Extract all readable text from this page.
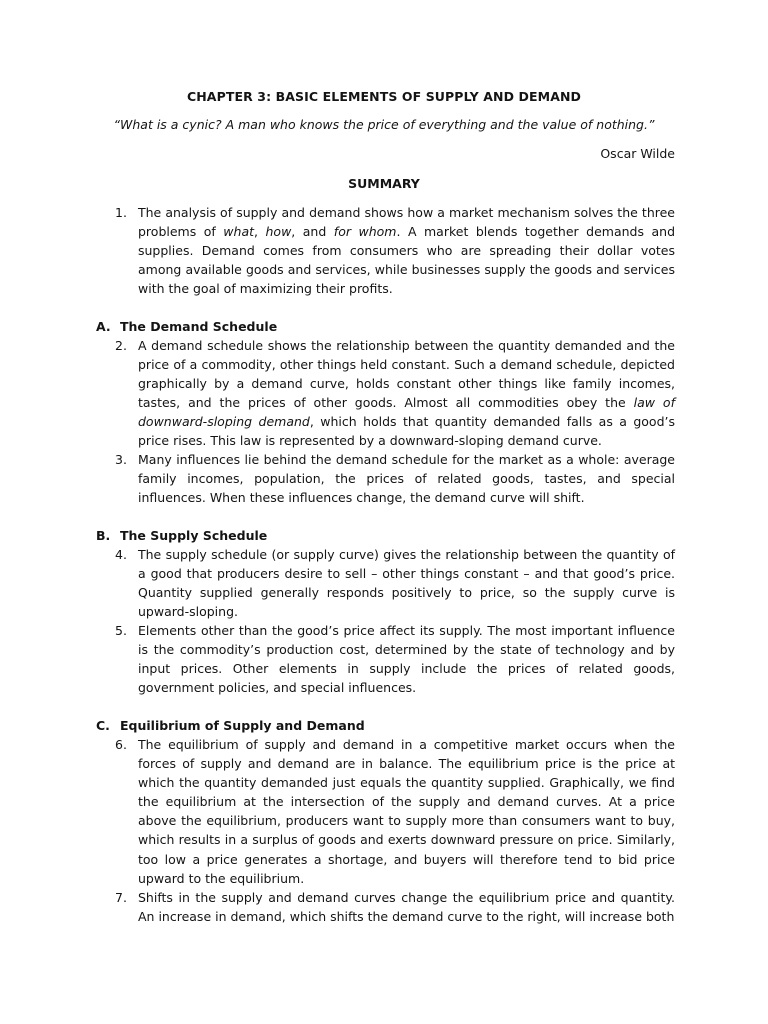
CHAPTER 3: BASIC ELEMENTS OF SUPPLY AND DEMAND
“What is a cynic? A man who knows the price of everything and the value of nothing.”
Oscar Wilde
SUMMARY
1. The analysis of supply and demand shows how a market mechanism solves the three problems of what, how, and for whom. A market blends together demands and supplies. Demand comes from consumers who are spreading their dollar votes among available goods and services, while businesses supply the goods and services with the goal of maximizing their profits.
A. The Demand Schedule
2. A demand schedule shows the relationship between the quantity demanded and the price of a commodity, other things held constant. Such a demand schedule, depicted graphically by a demand curve, holds constant other things like family incomes, tastes, and the prices of other goods. Almost all commodities obey the law of downward-sloping demand, which holds that quantity demanded falls as a good’s price rises. This law is represented by a downward-sloping demand curve.
3. Many influences lie behind the demand schedule for the market as a whole: average family incomes, population, the prices of related goods, tastes, and special influences. When these influences change, the demand curve will shift.
B. The Supply Schedule
4. The supply schedule (or supply curve) gives the relationship between the quantity of a good that producers desire to sell – other things constant – and that good’s price. Quantity supplied generally responds positively to price, so the supply curve is upward-sloping.
5. Elements other than the good’s price affect its supply. The most important influence is the commodity’s production cost, determined by the state of technology and by input prices. Other elements in supply include the prices of related goods, government policies, and special influences.
C. Equilibrium of Supply and Demand
6. The equilibrium of supply and demand in a competitive market occurs when the forces of supply and demand are in balance. The equilibrium price is the price at which the quantity demanded just equals the quantity supplied. Graphically, we find the equilibrium at the intersection of the supply and demand curves. At a price above the equilibrium, producers want to supply more than consumers want to buy, which results in a surplus of goods and exerts downward pressure on price. Similarly, too low a price generates a shortage, and buyers will therefore tend to bid price upward to the equilibrium.
7. Shifts in the supply and demand curves change the equilibrium price and quantity. An increase in demand, which shifts the demand curve to the right, will increase both
